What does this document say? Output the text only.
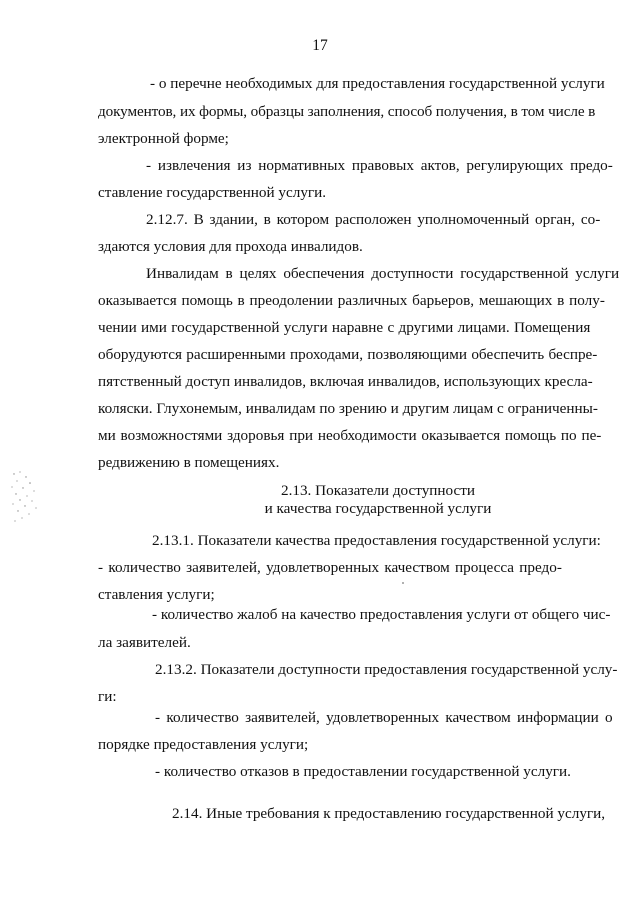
17
- о перечне необходимых для предоставления государственной услуги
документов, их формы, образцы заполнения, способ получения, в том числе в
электронной форме;
- извлечения из нормативных правовых актов, регулирующих предо-
ставление государственной услуги.
2.12.7. В здании, в котором расположен уполномоченный орган, со-
здаются условия для прохода инвалидов.
Инвалидам в целях обеспечения доступности государственной услуги
оказывается помощь в преодолении различных барьеров, мешающих в полу-
чении ими государственной услуги наравне с другими лицами. Помещения
оборудуются расширенными проходами, позволяющими обеспечить беспре-
пятственный доступ инвалидов, включая инвалидов, использующих кресла-
коляски. Глухонемым, инвалидам по зрению и другим лицам с ограниченны-
ми возможностями здоровья при необходимости оказывается помощь по пе-
редвижению в помещениях.
2.13. Показатели доступности
и качества государственной услуги
2.13.1. Показатели качества предоставления государственной услуги:
- количество заявителей, удовлетворенных качеством процесса предо-
ставления услуги;
- количество жалоб на качество предоставления услуги от общего чис-
ла заявителей.
2.13.2. Показатели доступности предоставления государственной услу-
ги:
- количество заявителей, удовлетворенных качеством информации о
порядке предоставления услуги;
- количество отказов в предоставлении государственной услуги.
2.14. Иные требования к предоставлению государственной услуги,
